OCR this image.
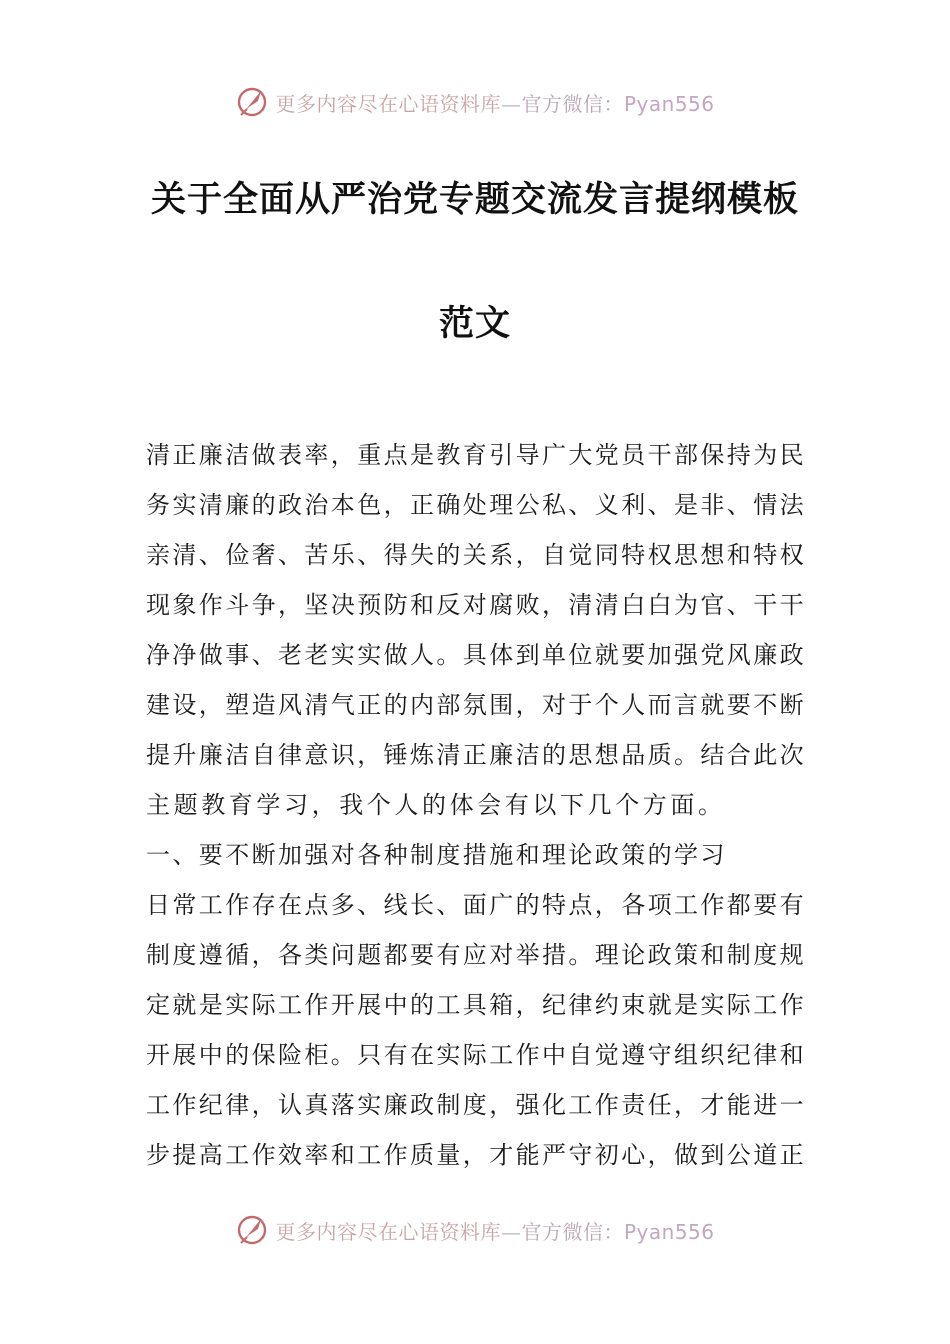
更多内容尽在心语资料库—官方微信：Pyan556
关于全面从严治党专题交流发言提纲模板
范文
清正廉洁做表率，重点是教育引导广大党员干部保持为民
务实清廉的政治本色，正确处理公私、义利、是非、情法
亲清、俭奢、苦乐、得失的关系，自觉同特权思想和特权
现象作斗争，坚决预防和反对腐败，清清白白为官、干干
净净做事、老老实实做人。具体到单位就要加强党风廉政
建设，塑造风清气正的内部氛围，对于个人而言就要不断
提升廉洁自律意识，锤炼清正廉洁的思想品质。结合此次
主题教育学习，我个人的体会有以下几个方面。
一、要不断加强对各种制度措施和理论政策的学习
日常工作存在点多、线长、面广的特点，各项工作都要有
制度遵循，各类问题都要有应对举措。理论政策和制度规
定就是实际工作开展中的工具箱，纪律约束就是实际工作
开展中的保险柜。只有在实际工作中自觉遵守组织纪律和
工作纪律，认真落实廉政制度，强化工作责任，才能进一
步提高工作效率和工作质量，才能严守初心，做到公道正
更多内容尽在心语资料库—官方微信：Pyan556
